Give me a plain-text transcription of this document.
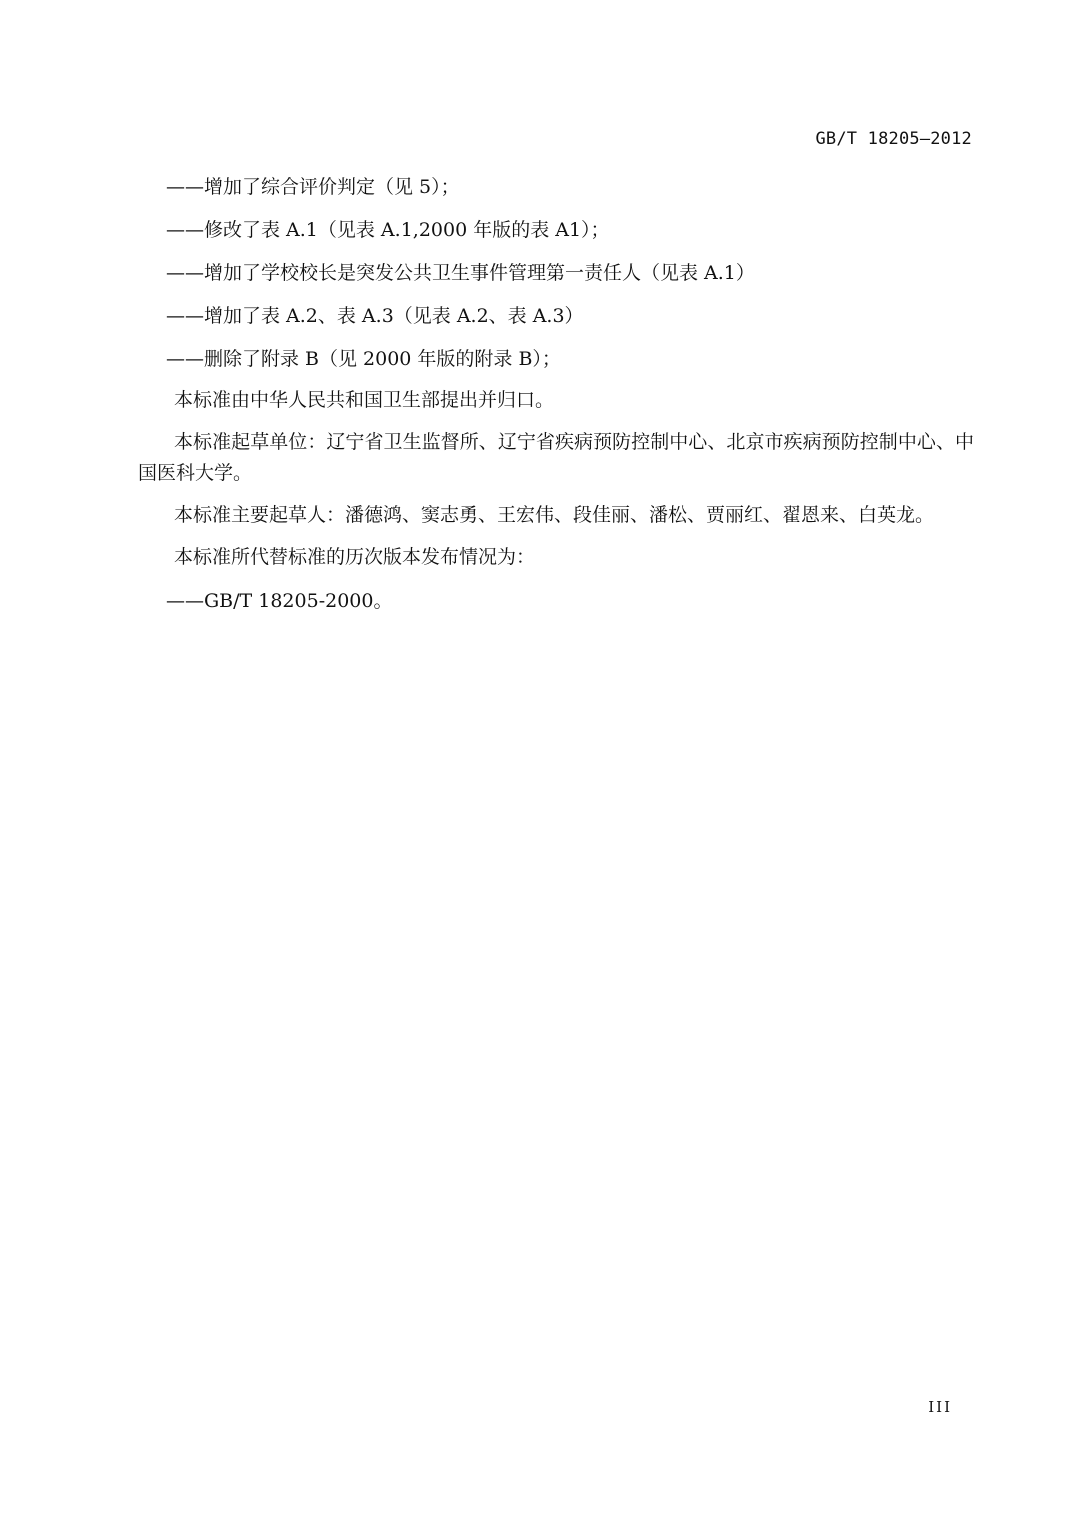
GB/T 18205—2012
——增加了综合评价判定（见 5）；
——修改了表 A.1（见表 A.1,2000 年版的表 A1）；
——增加了学校校长是突发公共卫生事件管理第一责任人（见表 A.1）
——增加了表 A.2、表 A.3（见表 A.2、表 A.3）
——删除了附录 B（见 2000 年版的附录 B）；

本标准由中华人民共和国卫生部提出并归口。

本标准起草单位：辽宁省卫生监督所、辽宁省疾病预防控制中心、北京市疾病预防控制中心、中国医科大学。

本标准主要起草人：潘德鸿、窦志勇、王宏伟、段佳丽、潘松、贾丽红、翟恩来、白英龙。

本标准所代替标准的历次版本发布情况为：

——GB/T 18205-2000。
III
